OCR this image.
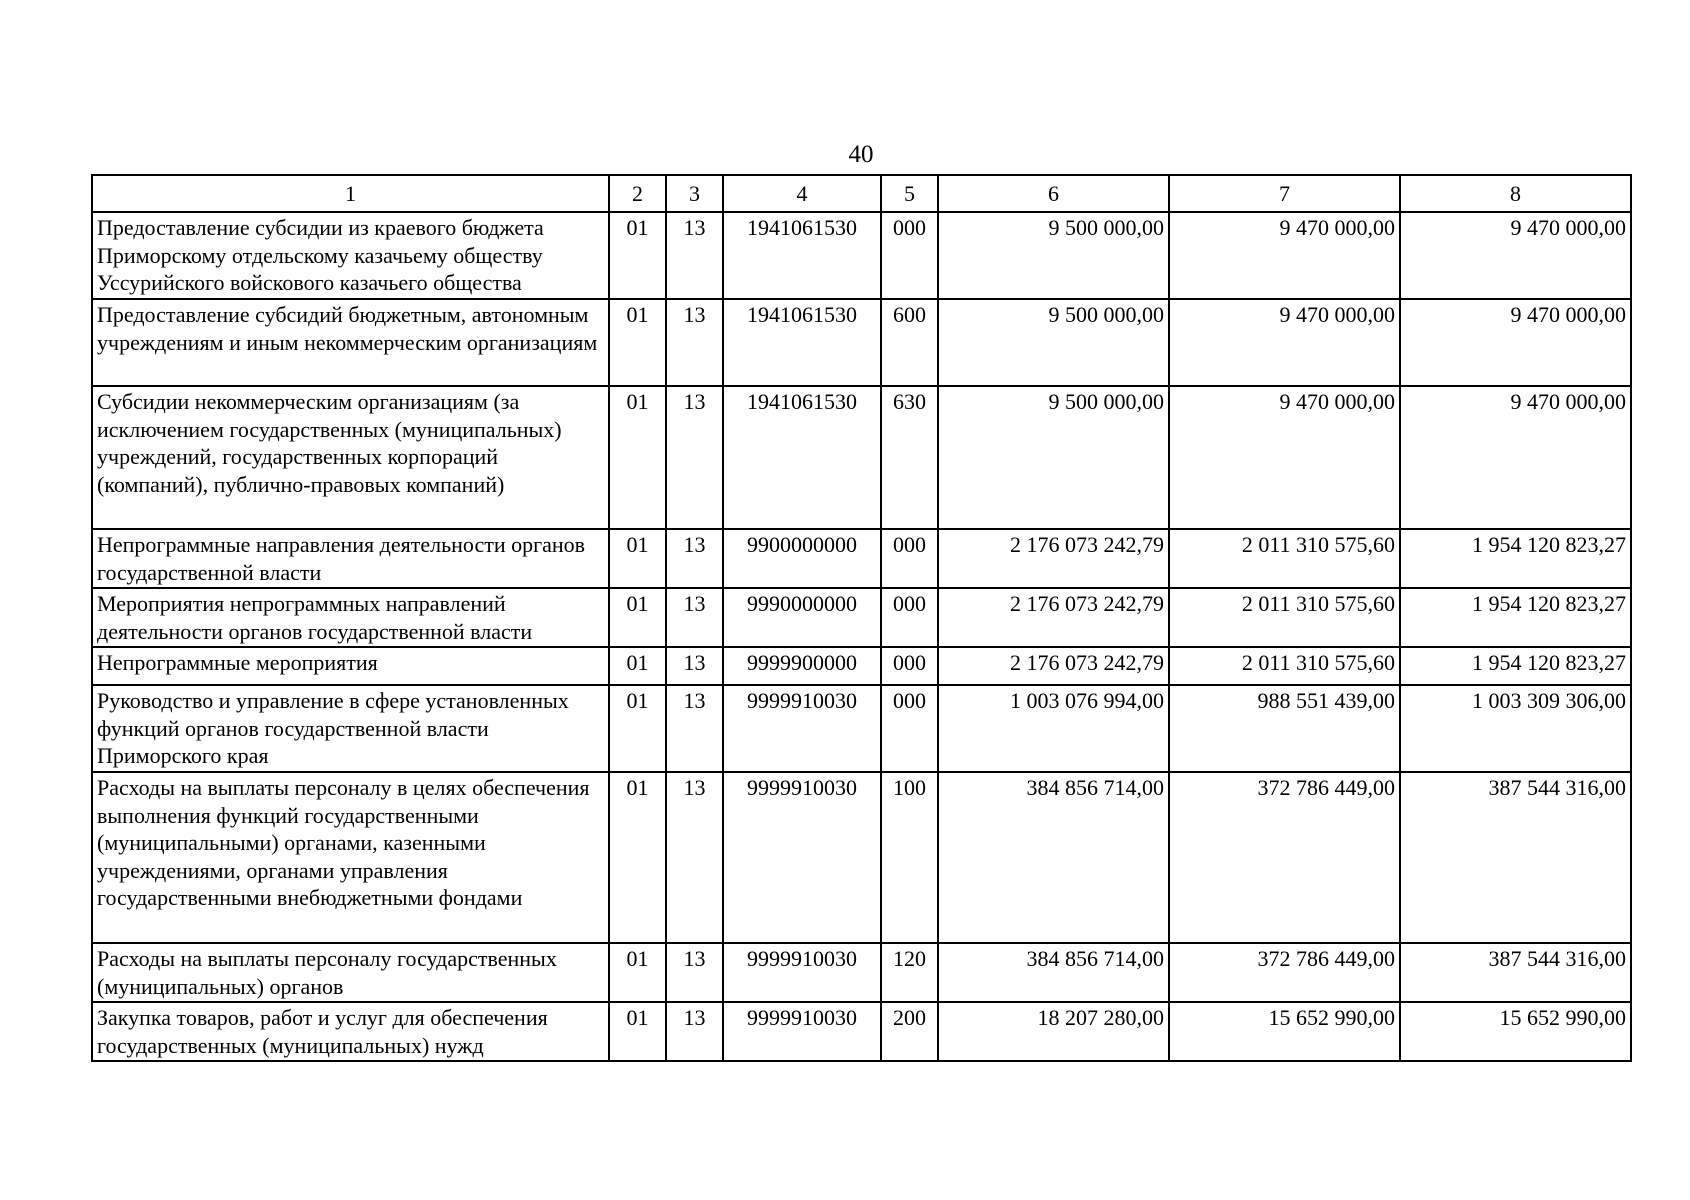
40
1	2	3	4	5	6	7	8
Предоставление субсидии из краевого бюджета Приморскому отдельскому казачьему обществу Уссурийского войскового казачьего общества	01	13	1941061530	000	9 500 000,00	9 470 000,00	9 470 000,00
Предоставление субсидий бюджетным, автономным учреждениям и иным некоммерческим организациям	01	13	1941061530	600	9 500 000,00	9 470 000,00	9 470 000,00
Субсидии некоммерческим организациям (за исключением государственных (муниципальных) учреждений, государственных корпораций (компаний), публично-правовых компаний)	01	13	1941061530	630	9 500 000,00	9 470 000,00	9 470 000,00
Непрограммные направления деятельности органов государственной власти	01	13	9900000000	000	2 176 073 242,79	2 011 310 575,60	1 954 120 823,27
Мероприятия непрограммных направлений деятельности органов государственной власти	01	13	9990000000	000	2 176 073 242,79	2 011 310 575,60	1 954 120 823,27
Непрограммные мероприятия	01	13	9999900000	000	2 176 073 242,79	2 011 310 575,60	1 954 120 823,27
Руководство и управление в сфере установленных функций органов государственной власти Приморского края	01	13	9999910030	000	1 003 076 994,00	988 551 439,00	1 003 309 306,00
Расходы на выплаты персоналу в целях обеспечения выполнения функций государственными (муниципальными) органами, казенными учреждениями, органами управления государственными внебюджетными фондами	01	13	9999910030	100	384 856 714,00	372 786 449,00	387 544 316,00
Расходы на выплаты персоналу государственных (муниципальных) органов	01	13	9999910030	120	384 856 714,00	372 786 449,00	387 544 316,00
Закупка товаров, работ и услуг для обеспечения государственных (муниципальных) нужд	01	13	9999910030	200	18 207 280,00	15 652 990,00	15 652 990,00
